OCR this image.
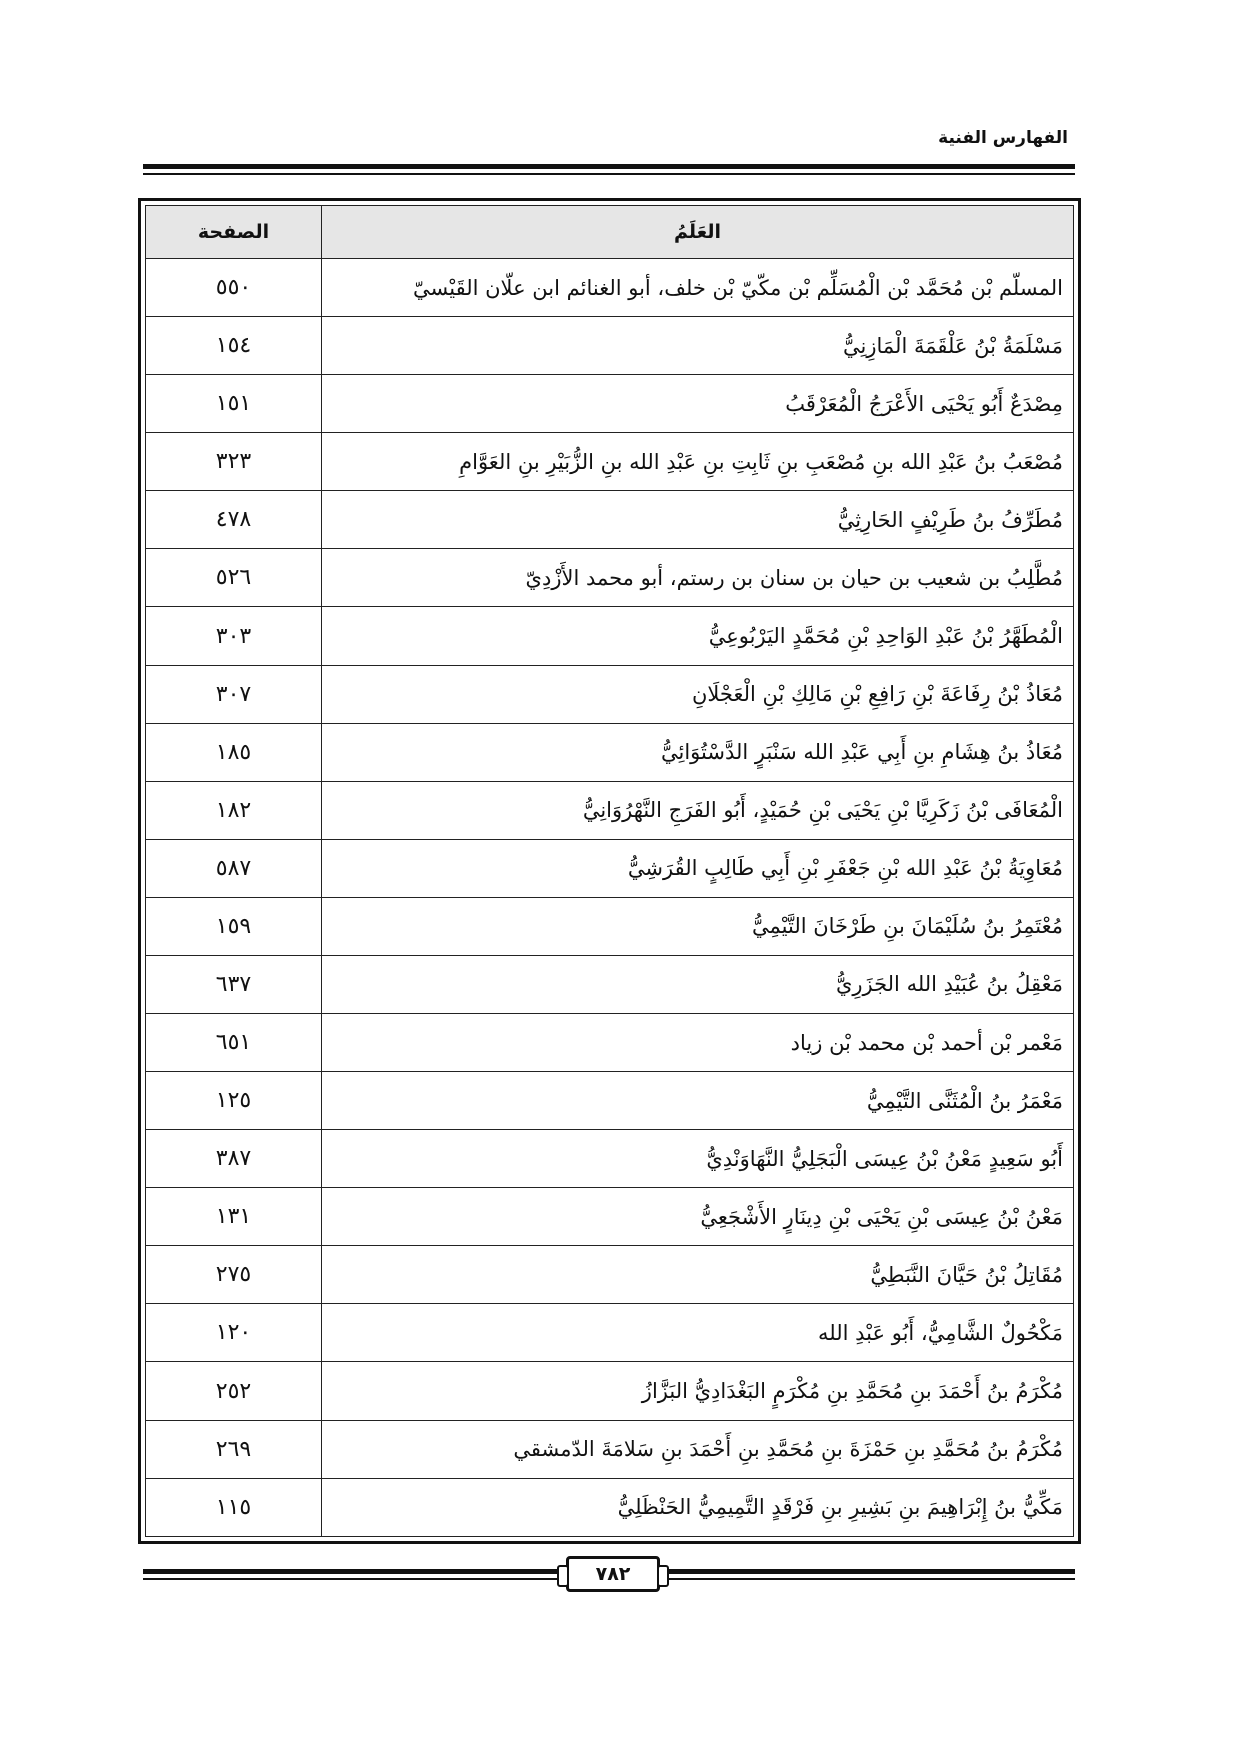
الفهارس الفنية
العَلَمُ	الصفحة
المسلّم بْن مُحَمَّد بْن الْمُسَلِّم بْن مكّيّ بْن خلف، أبو الغنائم ابن علّان القَيْسيّ	٥٥٠
مَسْلَمَةُ بْنُ عَلْقَمَةَ الْمَازِنِيُّ	١٥٤
مِصْدَعٌ أَبُو يَحْيَى الأَعْرَجُ الْمُعَرْقَبُ	١٥١
مُصْعَبُ بنُ عَبْدِ الله بنِ مُصْعَبِ بنِ ثَابِتِ بنِ عَبْدِ الله بنِ الزُّبَيْرِ بنِ العَوَّامِ	٣٢٣
مُطَرِّفُ بنُ طَرِيْفٍ الحَارِثِيُّ	٤٧٨
مُطَّلِبُ بن شعيب بن حيان بن سنان بن رستم، أبو محمد الأَزْدِيّ	٥٢٦
الْمُطَهَّرُ بْنُ عَبْدِ الوَاحِدِ بْنِ مُحَمَّدٍ اليَرْبُوعِيُّ	٣٠٣
مُعَاذُ بْنُ رِفَاعَةَ بْنِ رَافِعِ بْنِ مَالِكِ بْنِ الْعَجْلَانِ	٣٠٧
مُعَاذُ بنُ هِشَامِ بنِ أَبِي عَبْدِ الله سَنْبَرٍ الدَّسْتُوَائِيُّ	١٨٥
الْمُعَافَى بْنُ زَكَرِيَّا بْنِ يَحْيَى بْنِ حُمَيْدٍ، أَبُو الفَرَجِ النَّهْرُوَانِيُّ	١٨٢
مُعَاوِيَةُ بْنُ عَبْدِ الله بْنِ جَعْفَرِ بْنِ أَبِي طَالِبٍ القُرَشِيُّ	٥٨٧
مُعْتَمِرُ بنُ سُلَيْمَانَ بنِ طَرْخَانَ التَّيْمِيُّ	١٥٩
مَعْقِلُ بنُ عُبَيْدِ الله الجَزَرِيُّ	٦٣٧
مَعْمر بْن أحمد بْن محمد بْن زياد	٦٥١
مَعْمَرُ بنُ الْمُثَنَّى التَّيْمِيُّ	١٢٥
أَبُو سَعِيدٍ مَعْنُ بْنُ عِيسَى الْبَجَلِيُّ النَّهَاوَنْدِيُّ	٣٨٧
مَعْنُ بْنُ عِيسَى بْنِ يَحْيَى بْنِ دِينَارٍ الأَشْجَعِيُّ	١٣١
مُقَاتِلُ بْنُ حَيَّانَ النَّبَطِيُّ	٢٧٥
مَكْحُولٌ الشَّامِيُّ، أَبُو عَبْدِ الله	١٢٠
مُكْرَمُ بنُ أَحْمَدَ بنِ مُحَمَّدِ بنِ مُكْرَمٍ البَغْدَادِيُّ البَزَّازُ	٢٥٢
مُكْرَمُ بنُ مُحَمَّدِ بنِ حَمْزَةَ بنِ مُحَمَّدِ بنِ أَحْمَدَ بنِ سَلامَةَ الدّمشقي	٢٦٩
مَكِّيُّ بنُ إِبْرَاهِيمَ بنِ بَشِيرِ بنِ فَرْقَدٍ التَّمِيمِيُّ الحَنْظَلِيُّ	١١٥
٧٨٢
